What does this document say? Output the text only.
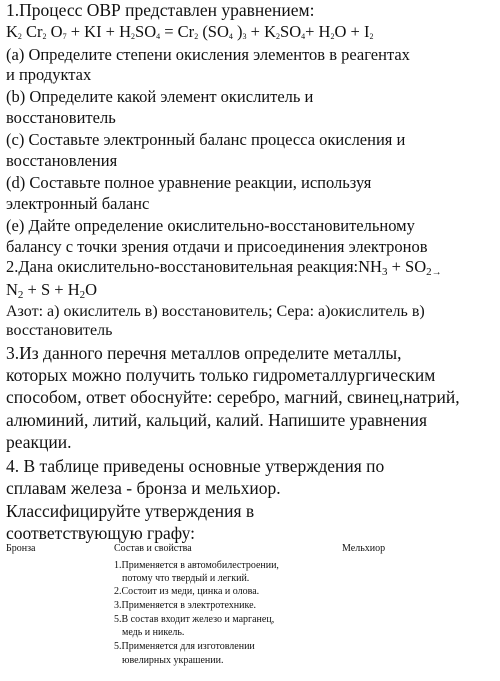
1.Процесс ОВР представлен уравнением:
$K_2$ $Cr_2$ $O_7$ + KI + $H_2SO_4 = Cr_2$ ($SO_4$ )$_3 + K_2SO_4+ H_2O + I_2$
(a) Определите степени окисления элементов в реагентах
и продуктах
(b) Определите какой элемент окислитель и
восстановитель
(c) Составьте электронный баланс процесса окисления и
восстановления
(d) Составьте полное уравнение реакции, используя
электронный баланс
(e) Дайте определение окислительно-восстановительному
балансу с точки зрения отдачи и присоединения электронов
2.Дана окислительно-восстановительная реакция:NH3 + SO2→
N2 + S + H2O
Азот: а) окислитель в) восстановитель; Сера: а)окислитель в)
восстановитель
3.Из данного перечня металлов определите металлы,
которых можно получить только гидрометаллургическим
способом, ответ обоснуйте: серебро, магний, свинец,натрий,
алюминий, литий, кальций, калий. Напишите уравнения
реакции.
4. В таблице приведены основные утверждения по
сплавам железа - бронза и мельхиор.
Классифицируйте утверждения в
соответствующую графу:
Бронза	Состав и свойства	Мельхиор
1.Применяется в автомобилестроении,
потому что твердый и легкий.
2.Состоит из меди, цинка и олова.
3.Применяется в электротехнике.
5.В состав входит железо и марганец,
медь и никель.
5.Применяется для изготовлении
ювелирных украшении.
